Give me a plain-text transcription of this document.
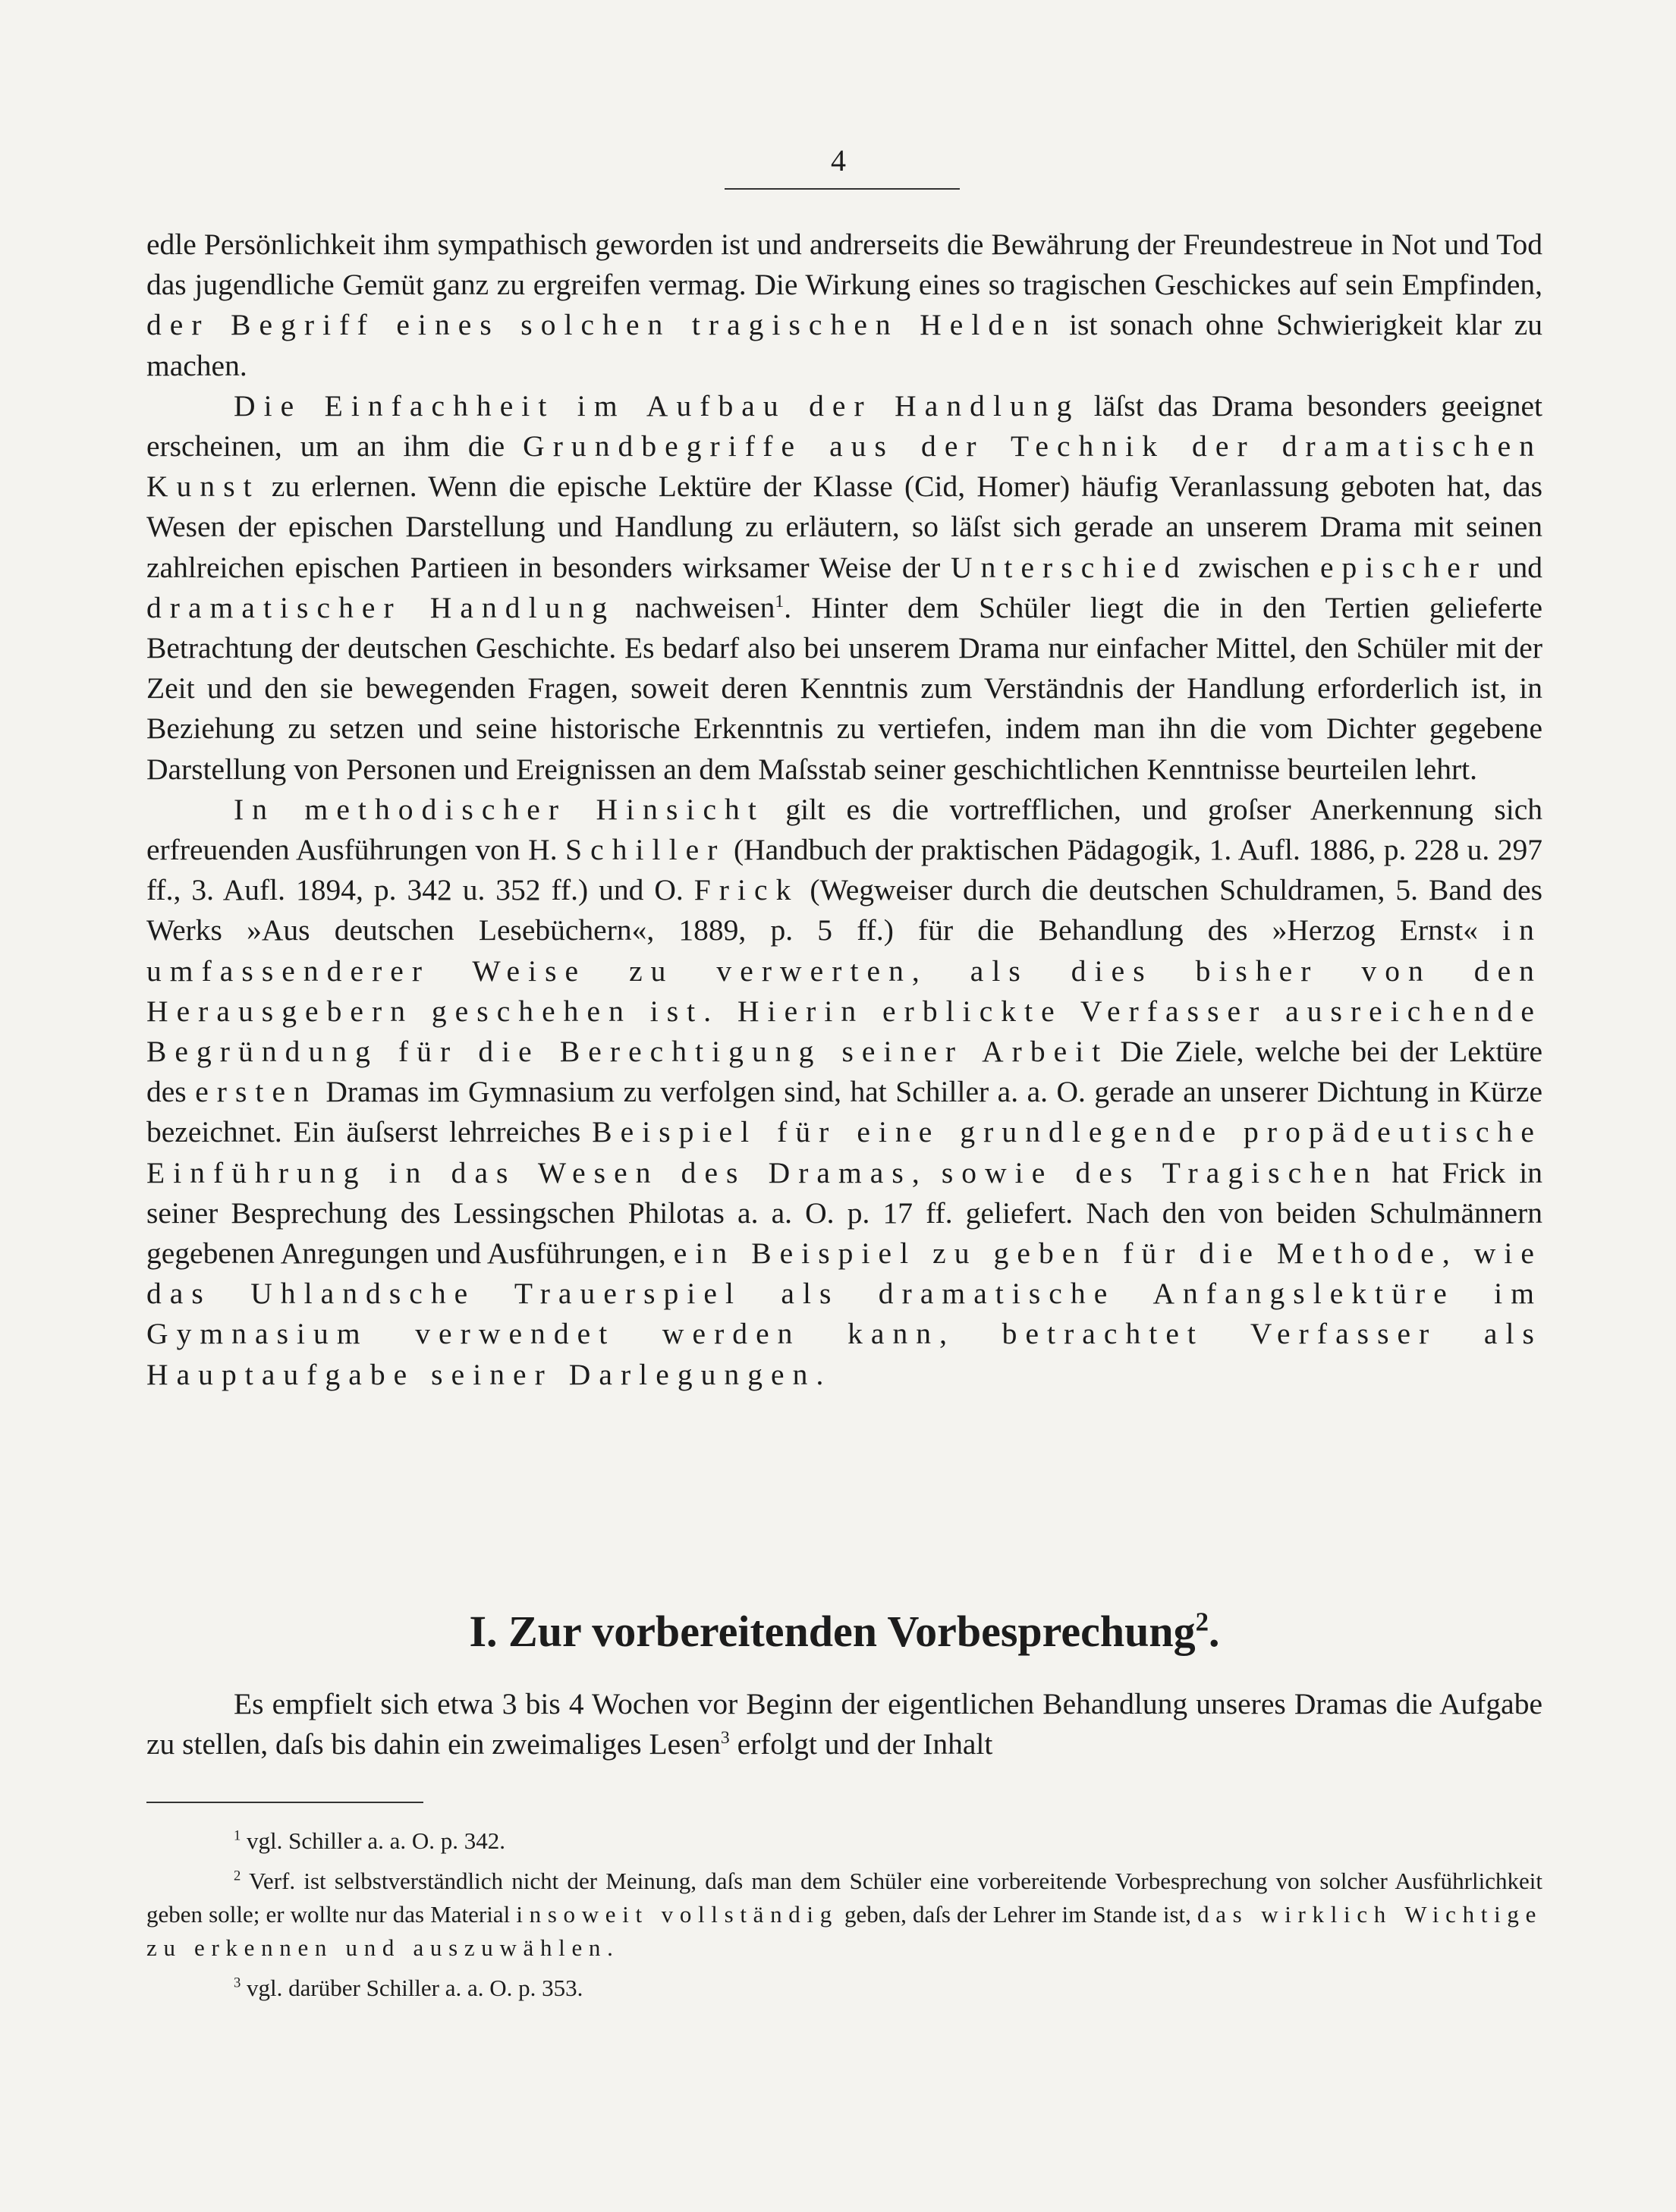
4

edle Persönlichkeit ihm sympathisch geworden ist und andrerseits die Bewährung der Freundestreue in Not und Tod das jugendliche Gemüt ganz zu ergreifen vermag. Die Wirkung eines so tragischen Geschickes auf sein Empfinden, der Begriff eines solchen tragischen Helden ist sonach ohne Schwierigkeit klar zu machen.

Die Einfachheit im Aufbau der Handlung läſst das Drama besonders geeignet erscheinen, um an ihm die Grundbegriffe aus der Technik der dramatischen Kunst zu erlernen. Wenn die epische Lektüre der Klasse (Cid, Homer) häufig Veranlassung geboten hat, das Wesen der epischen Darstellung und Handlung zu erläutern, so läſst sich gerade an unserem Drama mit seinen zahlreichen epischen Partieen in besonders wirksamer Weise der Unterschied zwischen epischer und dramatischer Handlung nachweisen$^1$. Hinter dem Schüler liegt die in den Tertien gelieferte Betrachtung der deutschen Geschichte. Es bedarf also bei unserem Drama nur einfacher Mittel, den Schüler mit der Zeit und den sie bewegenden Fragen, soweit deren Kenntnis zum Verständnis der Handlung erforderlich ist, in Beziehung zu setzen und seine historische Erkenntnis zu vertiefen, indem man ihn die vom Dichter gegebene Darstellung von Personen und Ereignissen an dem Maſsstab seiner geschichtlichen Kenntnisse beurteilen lehrt.

In methodischer Hinsicht gilt es die vortrefflichen, und groſser Anerkennung sich erfreuenden Ausführungen von H. Schiller (Handbuch der praktischen Pädagogik, 1. Aufl. 1886, p. 228 u. 297 ff., 3. Aufl. 1894, p. 342 u. 352 ff.) und O. Frick (Wegweiser durch die deutschen Schuldramen, 5. Band des Werks »Aus deutschen Lesebüchern«, 1889, p. 5 ff.) für die Behandlung des »Herzog Ernst« in umfassenderer Weise zu verwerten, als dies bisher von den Herausgebern geschehen ist. Hierin erblickte Verfasser ausreichende Begründung für die Berechtigung seiner Arbeit Die Ziele, welche bei der Lektüre des ersten Dramas im Gymnasium zu verfolgen sind, hat Schiller a. a. O. gerade an unserer Dichtung in Kürze bezeichnet. Ein äuſserst lehrreiches Beispiel für eine grundlegende propädeutische Einführung in das Wesen des Dramas, sowie des Tragischen hat Frick in seiner Besprechung des Lessingschen Philotas a. a. O. p. 17 ff. geliefert. Nach den von beiden Schulmännern gegebenen Anregungen und Ausführungen, ein Beispiel zu geben für die Methode, wie das Uhlandsche Trauerspiel als dramatische Anfangslektüre im Gymnasium verwendet werden kann, betrachtet Verfasser als Hauptaufgabe seiner Darlegungen.

I. Zur vorbereitenden Vorbesprechung$^2$.
Es empfielt sich etwa 3 bis 4 Wochen vor Beginn der eigentlichen Behandlung unseres Dramas die Aufgabe zu stellen, daſs bis dahin ein zweimaliges Lesen$^3$ erfolgt und der Inhalt

$^1$ vgl. Schiller a. a. O. p. 342.

$^2$ Verf. ist selbstverständlich nicht der Meinung, daſs man dem Schüler eine vorbereitende Vorbesprechung von solcher Ausführlichkeit geben solle; er wollte nur das Material insoweit vollständig geben, daſs der Lehrer im Stande ist, das wirklich Wichtige zu erkennen und auszuwählen.

$^3$ vgl. darüber Schiller a. a. O. p. 353.
